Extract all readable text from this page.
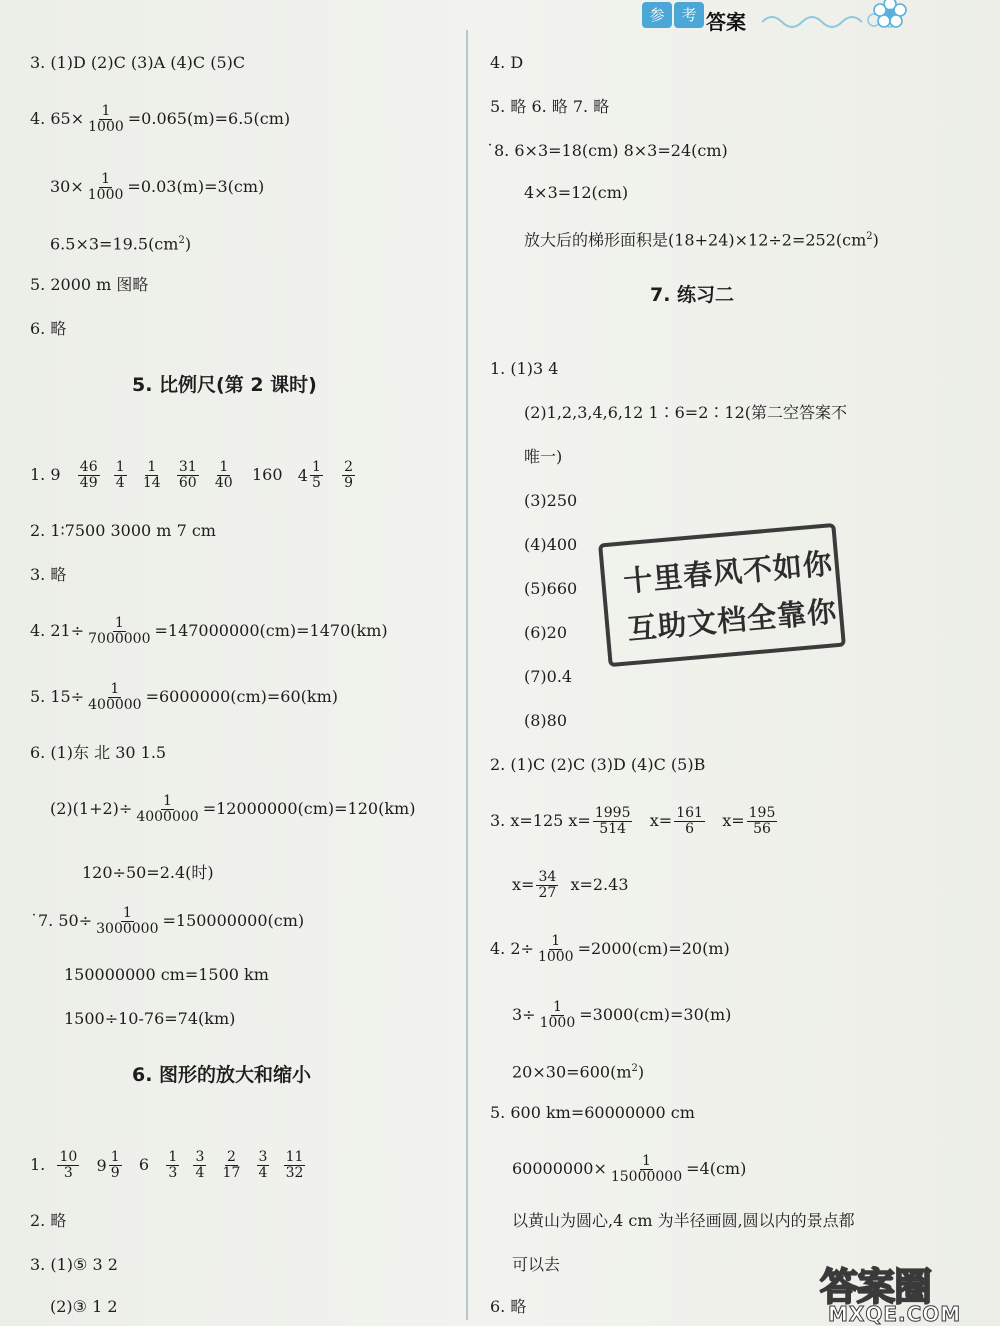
参	考 答案
3. (1)D (2)C (3)A (4)C (5)C
4. $65\times \frac{1}{1000} =0.065(m)=6.5(cm)$
$30\times \frac{1}{1000} =0.03(m)=3(cm)$
$6.5\times 3=19.5(cm^2)$
5. 2000 m 图略
6. 略
5. 比例尺(第 2 课时)
1. $9 \frac{46}{49}$
$\frac{1}{4}$
$\frac{1}{14}$
$\frac{31}{60}$
$\frac{1}{40} 160$ $4 \frac{1}{5}$
$\frac{2}{9}$
2. 1∶7500 3000 m 7 cm
3. 略
4. $21\div \frac{1}{7000000} =147000000(cm)=1470(km)$
5. $15\div \frac{1}{400000} =6000000(cm)=60(km)$
6. (1)东 北 30 1.5
$(2)(1+2)\div \frac{1}{4000000} =12000000(cm)=120(km)$
120÷50=2.4(时)
˙7. $50\div \frac{1}{3000000} =150000000(cm)$
150000000 cm=1500 km
1500÷10-76=74(km)
6. 图形的放大和缩小
1. $\frac{10}{3}$
$9 \frac{1}{9} 6 \frac{1}{3}$
$\frac{3}{4}$
$\frac{2}{17}$
$\frac{3}{4}$
$\frac{11}{32}$
2. 略
3. (1)⑤ 3 2
(2)③ 1 2
4. D
5. 略 6. 略 7. 略
˙8. 6×3=18(cm) 8×3=24(cm)
4×3=12(cm)
放大后的梯形面积是$(18+24)\times 12\div 2=252(cm^2)$
7. 练习二
1. (1)3 4
(2)1,2,3,4,6,12 1∶6=2∶12(第二空答案不
唯一)
(3)250
(4)400
(5)660
(6)20
(7)0.4
(8)80
2. (1)C (2)C (3)D (4)C (5)B
3. x=125 $x= \frac{1995}{514} x= \frac{161}{6} x= \frac{195}{56}$
$x= \frac{34}{27} x=2.43$
4. $2\div \frac{1}{1000} =2000(cm)=20(m)$
$3\div \frac{1}{1000} =3000(cm)=30(m)$
$20\times 30=600(m^2)$
5. 600 km=60000000 cm
$60000000\times \frac{1}{15000000} =4(cm)$
以黄山为圆心,4 cm 为半径画圆,圆以内的景点都
可以去
6. 略
十里春风不如你
互助文档全靠你
答案圈
MXQE.COM
